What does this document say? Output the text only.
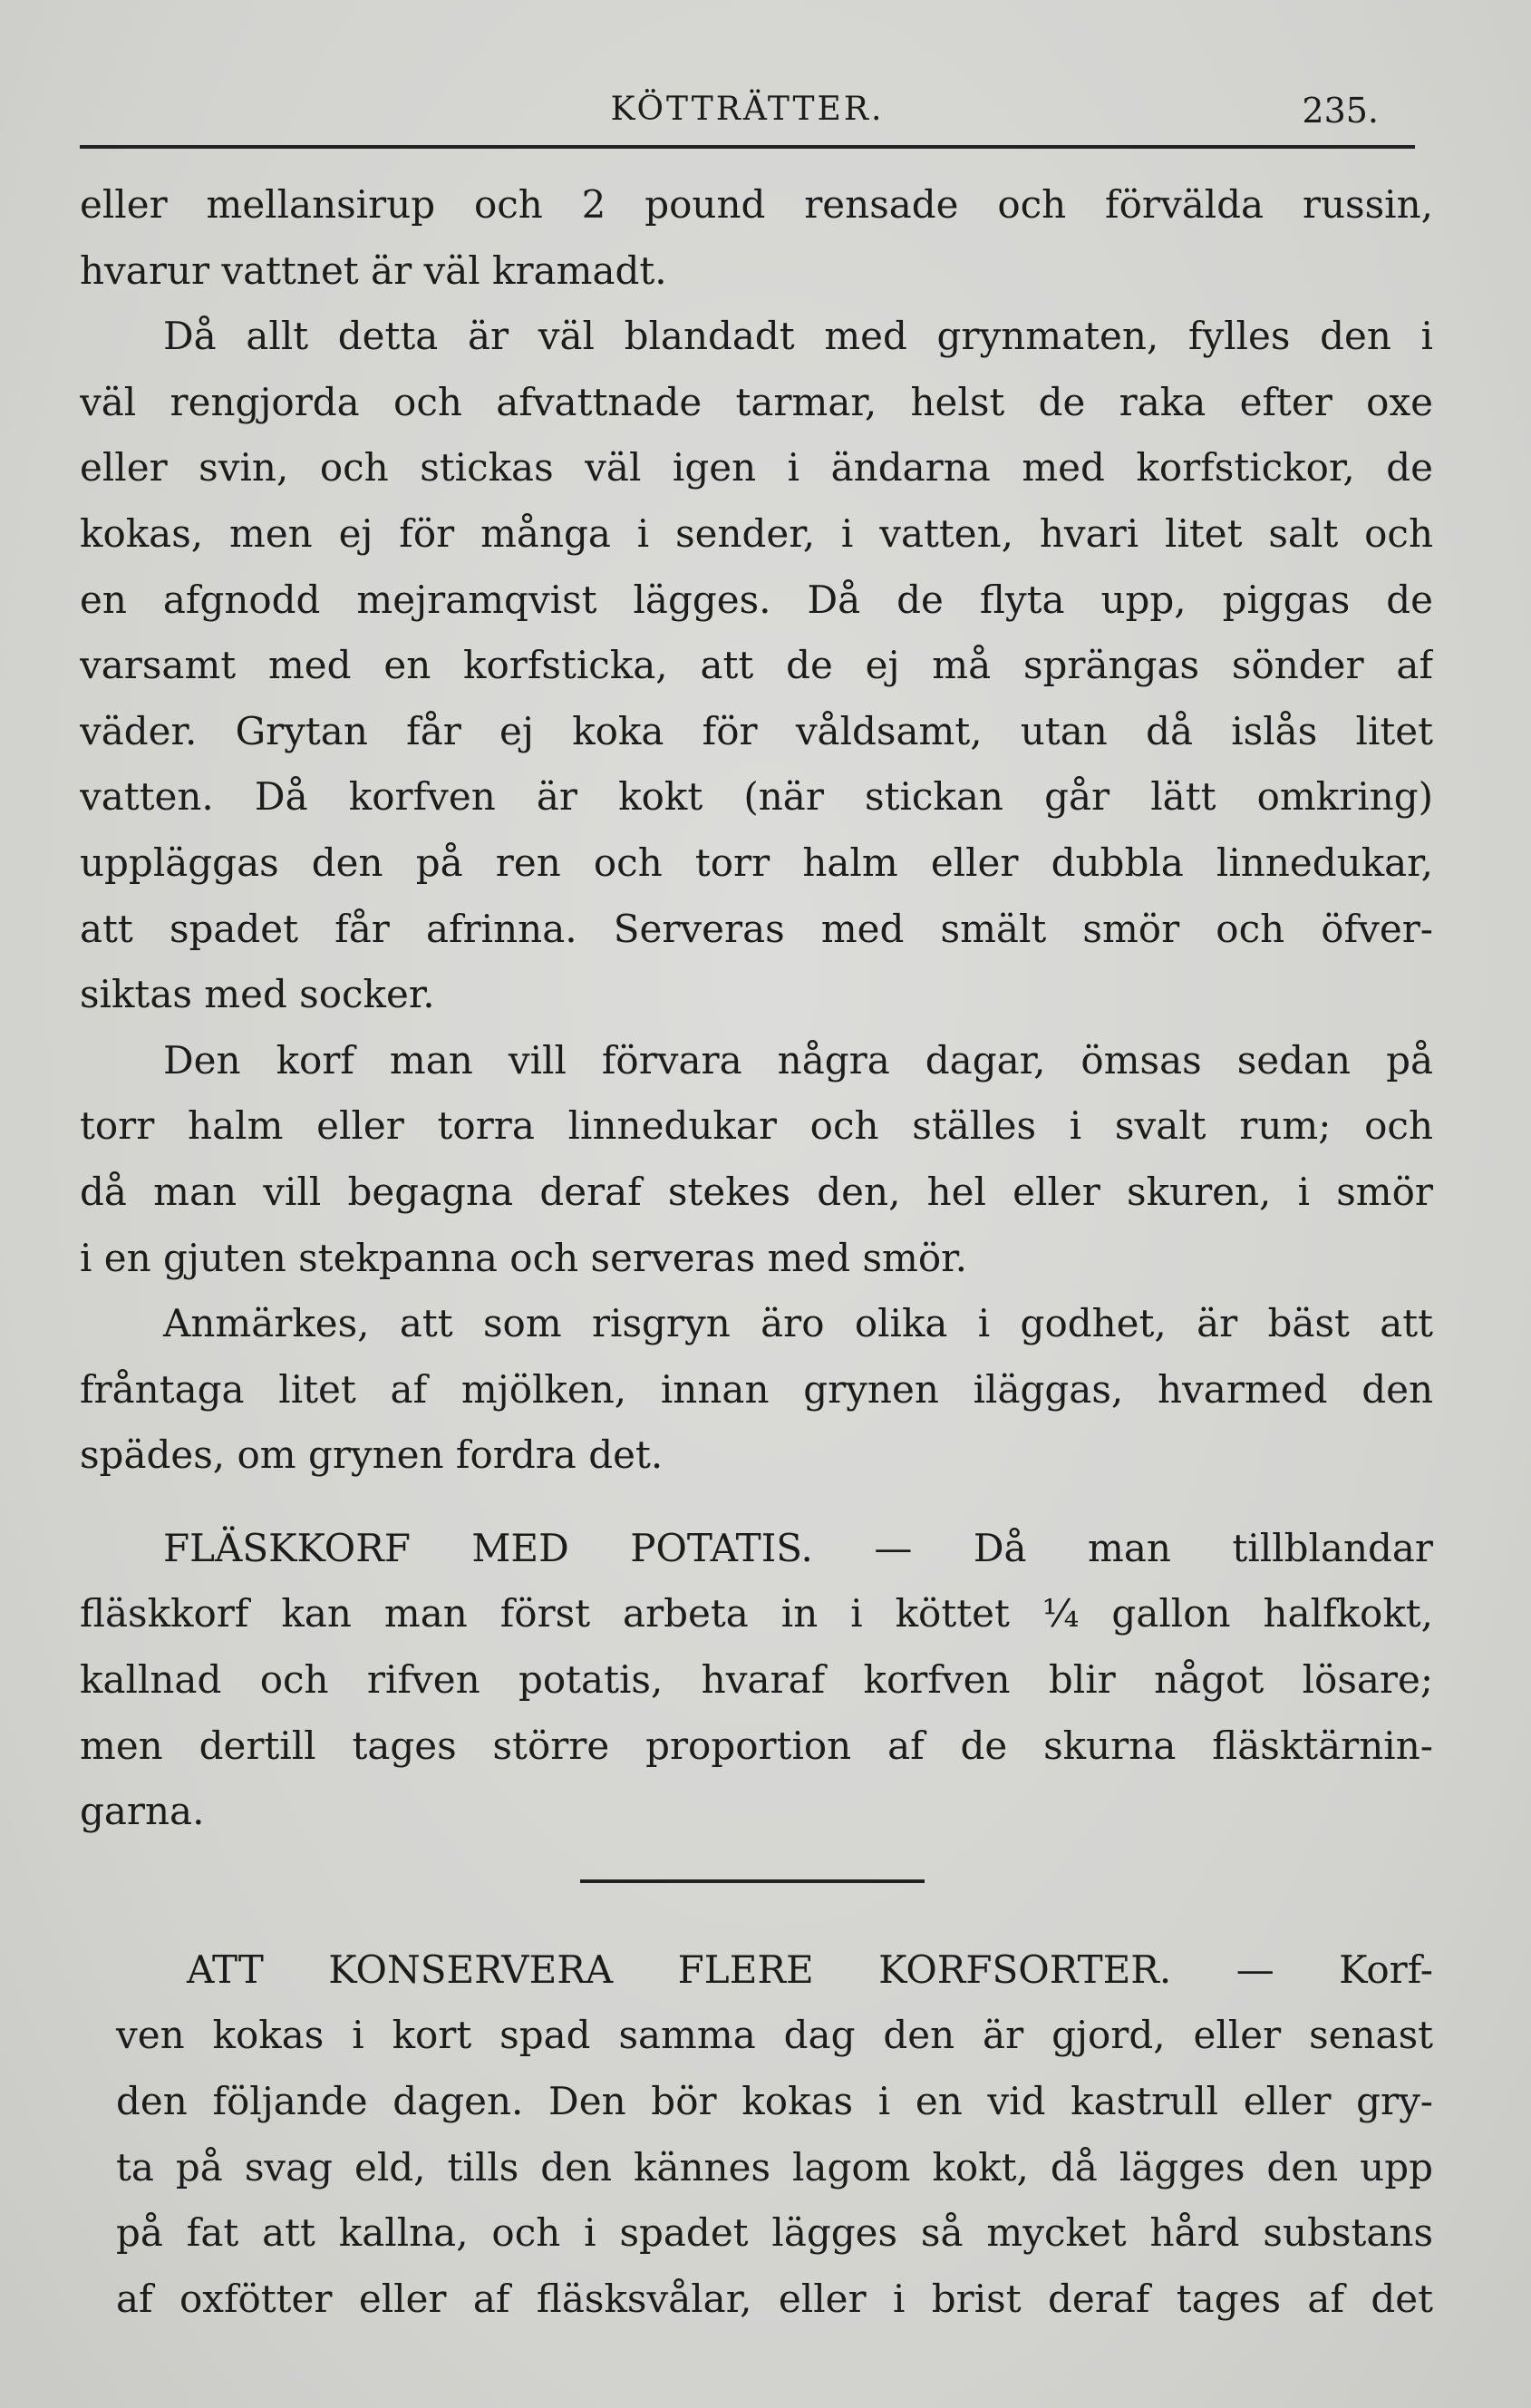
KÖTTRÄTTER.	235.
eller mellansirup och 2 pound rensade och förvälda russin,
hvarur vattnet är väl kramadt.
Då allt detta är väl blandadt med grynmaten, fylles den i
väl rengjorda och afvattnade tarmar, helst de raka efter oxe
eller svin, och stickas väl igen i ändarna med korfstickor, de
kokas, men ej för många i sender, i vatten, hvari litet salt och
en afgnodd mejramqvist lägges. Då de flyta upp, piggas de
varsamt med en korfsticka, att de ej må sprängas sönder af
väder. Grytan får ej koka för våldsamt, utan då islås litet
vatten. Då korfven är kokt (när stickan går lätt omkring)
uppläggas den på ren och torr halm eller dubbla linnedukar,
att spadet får afrinna. Serveras med smält smör och öfver-
siktas med socker.
Den korf man vill förvara några dagar, ömsas sedan på
torr halm eller torra linnedukar och ställes i svalt rum; och
då man vill begagna deraf stekes den, hel eller skuren, i smör
i en gjuten stekpanna och serveras med smör.
Anmärkes, att som risgryn äro olika i godhet, är bäst att
fråntaga litet af mjölken, innan grynen iläggas, hvarmed den
spädes, om grynen fordra det.
FLÄSKKORF MED POTATIS. — Då man tillblandar
fläskkorf kan man först arbeta in i köttet ¼ gallon halfkokt,
kallnad och rifven potatis, hvaraf korfven blir något lösare;
men dertill tages större proportion af de skurna fläsktärnin-
garna.
ATT KONSERVERA FLERE KORFSORTER. — Korf-
ven kokas i kort spad samma dag den är gjord, eller senast
den följande dagen. Den bör kokas i en vid kastrull eller gry-
ta på svag eld, tills den kännes lagom kokt, då lägges den upp
på fat att kallna, och i spadet lägges så mycket hård substans
af oxfötter eller af fläsksvålar, eller i brist deraf tages af det
